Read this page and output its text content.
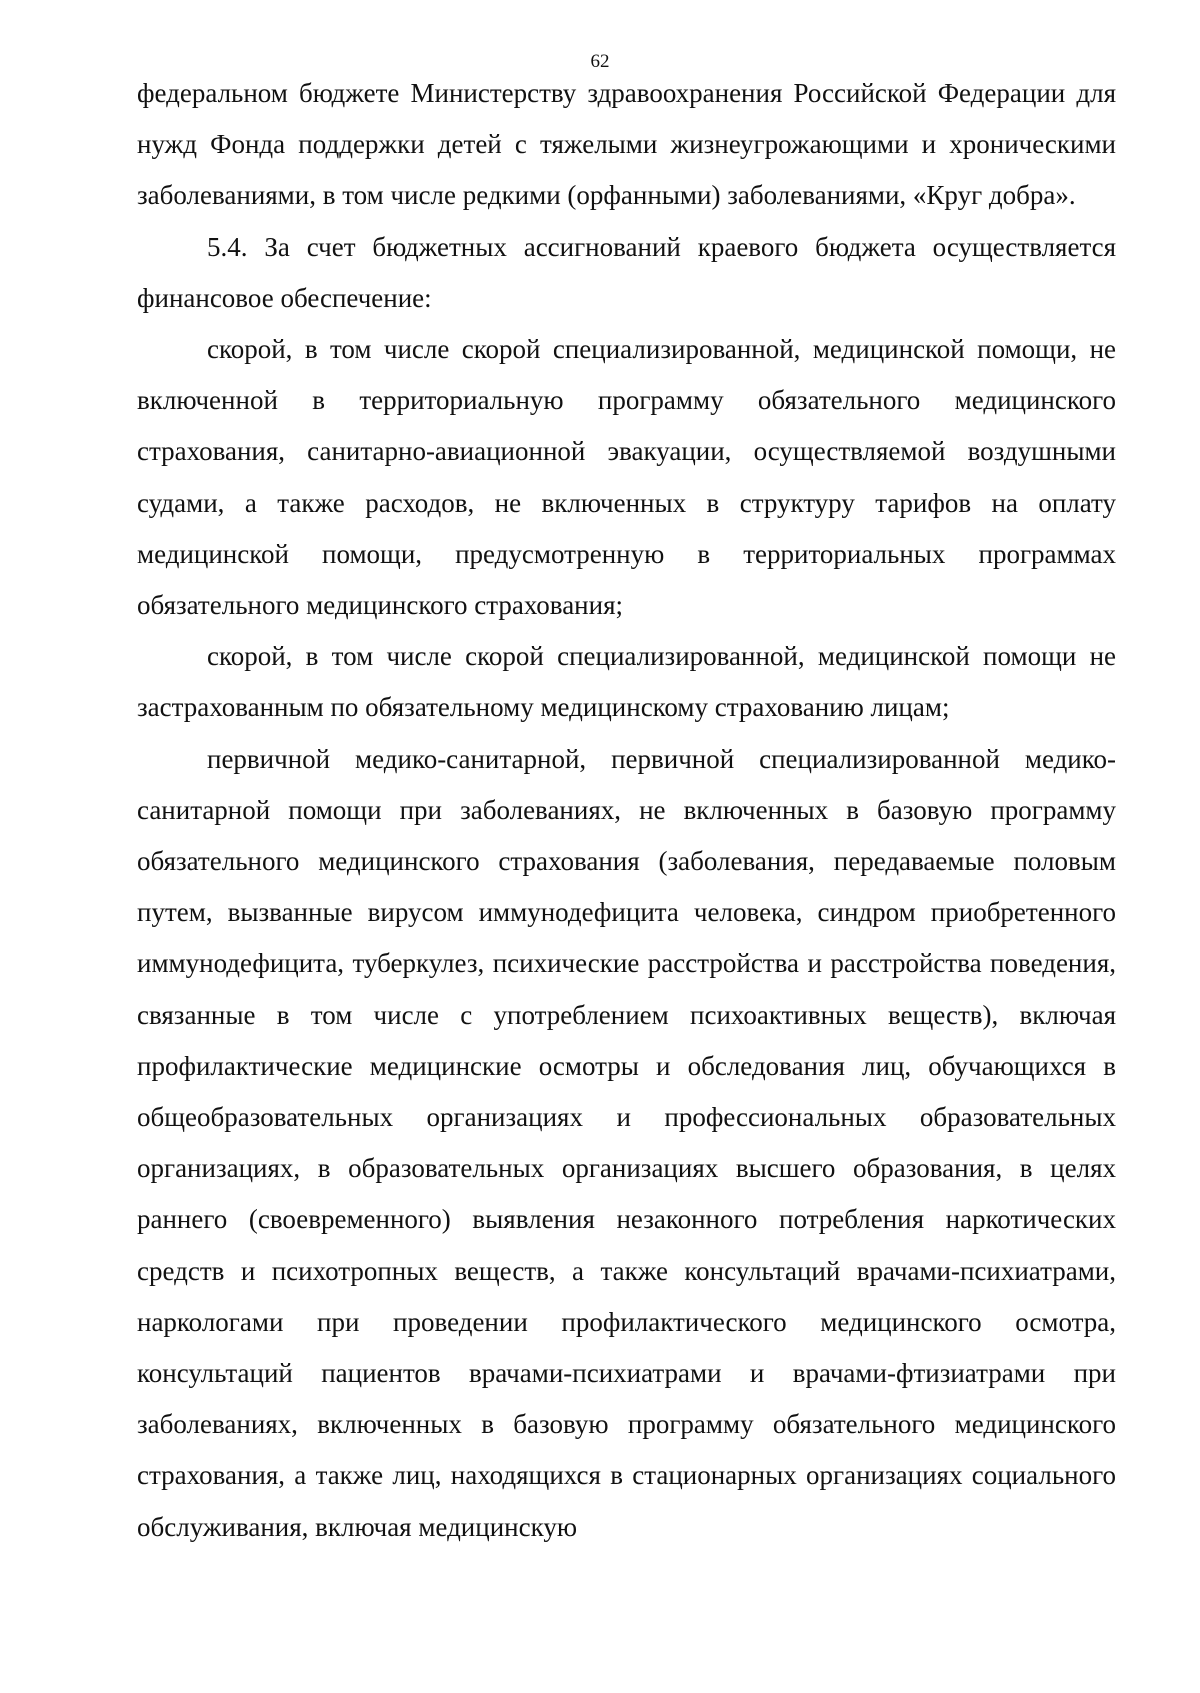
62

федеральном бюджете Министерству здравоохранения Российской Федерации для нужд Фонда поддержки детей с тяжелыми жизнеугрожающими и хроническими заболеваниями, в том числе редкими (орфанными) заболеваниями, «Круг добра».

5.4. За счет бюджетных ассигнований краевого бюджета осуществляется финансовое обеспечение:

скорой, в том числе скорой специализированной, медицинской помощи, не включенной в территориальную программу обязательного медицинского страхования, санитарно-авиационной эвакуации, осуществляемой воздушными судами, а также расходов, не включенных в структуру тарифов на оплату медицинской помощи, предусмотренную в территориальных программах обязательного медицинского страхования;

скорой, в том числе скорой специализированной, медицинской помощи не застрахованным по обязательному медицинскому страхованию лицам;

первичной медико-санитарной, первичной специализированной медико-санитарной помощи при заболеваниях, не включенных в базовую программу обязательного медицинского страхования (заболевания, передаваемые половым путем, вызванные вирусом иммунодефицита человека, синдром приобретенного иммунодефицита, туберкулез, психические расстройства и расстройства поведения, связанные в том числе с употреблением психоактивных веществ), включая профилактические медицинские осмотры и обследования лиц, обучающихся в общеобразовательных организациях и профессиональных образовательных организациях, в образовательных организациях высшего образования, в целях раннего (своевременного) выявления незаконного потребления наркотических средств и психотропных веществ, а также консультаций врачами-психиатрами, наркологами при проведении профилактического медицинского осмотра, консультаций пациентов врачами-психиатрами и врачами-фтизиатрами при заболеваниях, включенных в базовую программу обязательного медицинского страхования, а также лиц, находящихся в стационарных организациях социального обслуживания, включая медицинскую
